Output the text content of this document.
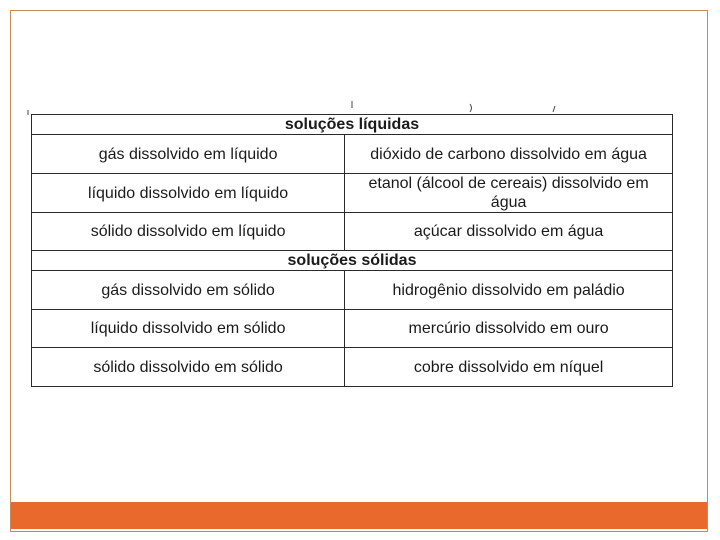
soluções líquidas	
gás dissolvido em líquido	dióxido de carbono dissolvido em água
líquido dissolvido em líquido	etanol (álcool de cereais) dissolvido em água
sólido dissolvido em líquido	açúcar dissolvido em água
soluções sólidas	
gás dissolvido em sólido	hidrogênio dissolvido em paládio
líquido dissolvido em sólido	mercúrio dissolvido em ouro
sólido dissolvido em sólido	cobre dissolvido em níquel
